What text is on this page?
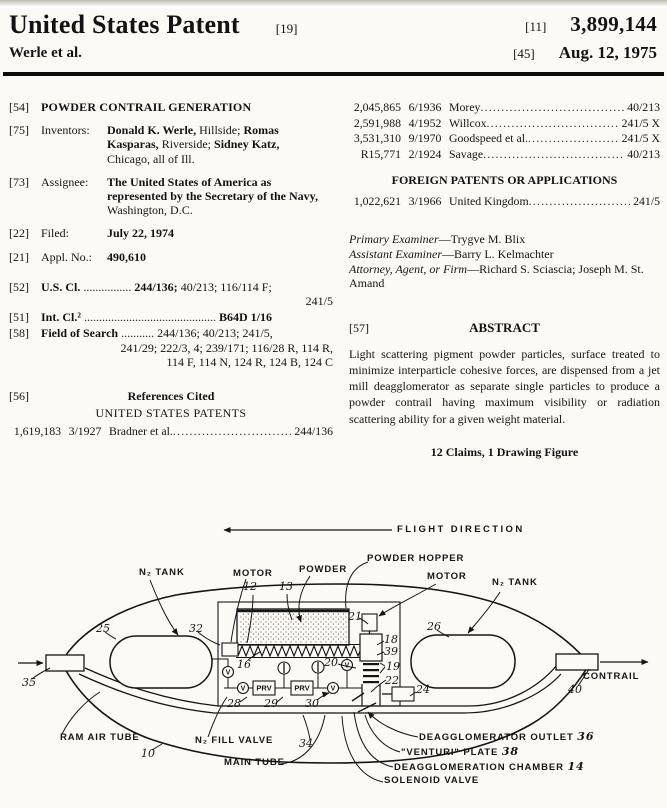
United States Patent	[19]
Werle et al.
[11] 3,899,144
[45] Aug. 12, 1975
[54]	POWDER CONTRAIL GENERATION
[75]	Inventors:	Donald K. Werle, Hillside; Romas Kasparas, Riverside; Sidney Katz, Chicago, all of Ill.
[73]	Assignee:	The United States of America as represented by the Secretary of the Navy, Washington, D.C.
[22]	Filed:	July 22, 1974
[21]	Appl. No.:	490,610
[52]	U.S. Cl. ................ 244/136; 40/213; 116/114 F;
241/5
[51]	Int. Cl.² ............................................ B64D 1/16
[58]	Field of Search ........... 244/136; 40/213; 241/5,
241/29; 222/3, 4; 239/171; 116/28 R, 114 R,
114 F, 114 N, 124 R, 124 B, 124 C
[56]	References Cited
UNITED STATES PATENTS
1,619,183 3/1927 Bradner et al. .....	244/136
2,045,865 6/1936 Morey .....	40/213
2,591,988 4/1952 Willcox .....	241/5 X
3,531,310 9/1970 Goodspeed et al. .....	241/5 X
R15,771 2/1924 Savage .....	40/213
FOREIGN PATENTS OR APPLICATIONS
1,022,621 3/1966 United Kingdom .....	241/5

Primary Examiner—Trygve M. Blix

Assistant Examiner—Barry L. Kelmachter

Attorney, Agent, or Firm—Richard S. Sciascia; Joseph M. St. Amand

[57]	ABSTRACT

Light scattering pigment powder particles, surface treated to minimize interparticle cohesive forces, are dispensed from a jet mill deagglomerator as separate single particles to produce a powder contrail having maximum visibility or radiation scattering ability for a given weight material.

12 Claims, 1 Drawing Figure
V
V	V
V
PRV	PRV
FLIGHT DIRECTION
N₂ TANK	MOTOR	POWDER
POWDER HOPPER
MOTOR
N₂ TANK
CONTRAIL
RAM AIR TUBE	N₂ FILL VALVE
MAIN TUBE
DEAGGLOMERATOR OUTLET 36
"VENTURI" PLATE 38
DEAGGLOMERATION CHAMBER 14
SOLENOID VALVE
10
12 13
16
18
19
20
21
22
24
25	26
28 29 30
32
34
35
39
40
